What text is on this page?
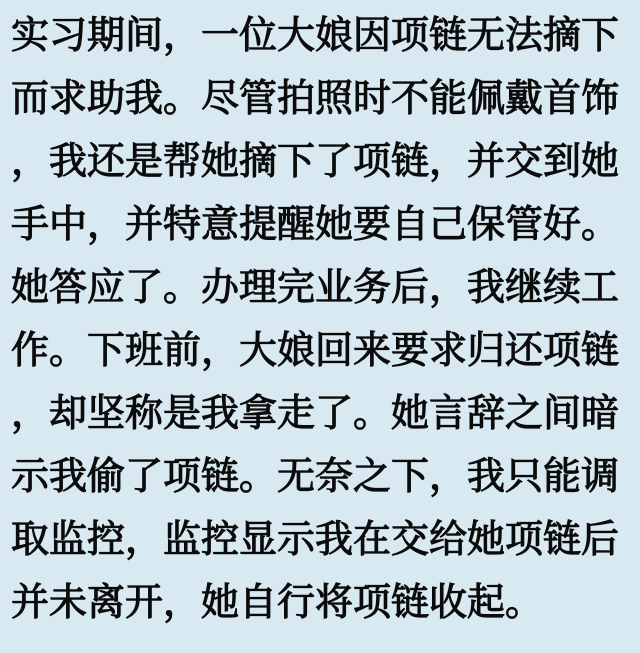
实习期间，一位大娘因项链无法摘下
而求助我。尽管拍照时不能佩戴首饰
，我还是帮她摘下了项链，并交到她
手中，并特意提醒她要自己保管好。
她答应了。办理完业务后，我继续工
作。下班前，大娘回来要求归还项链
，却坚称是我拿走了。她言辞之间暗
示我偷了项链。无奈之下，我只能调
取监控，监控显示我在交给她项链后
并未离开，她自行将项链收起。
